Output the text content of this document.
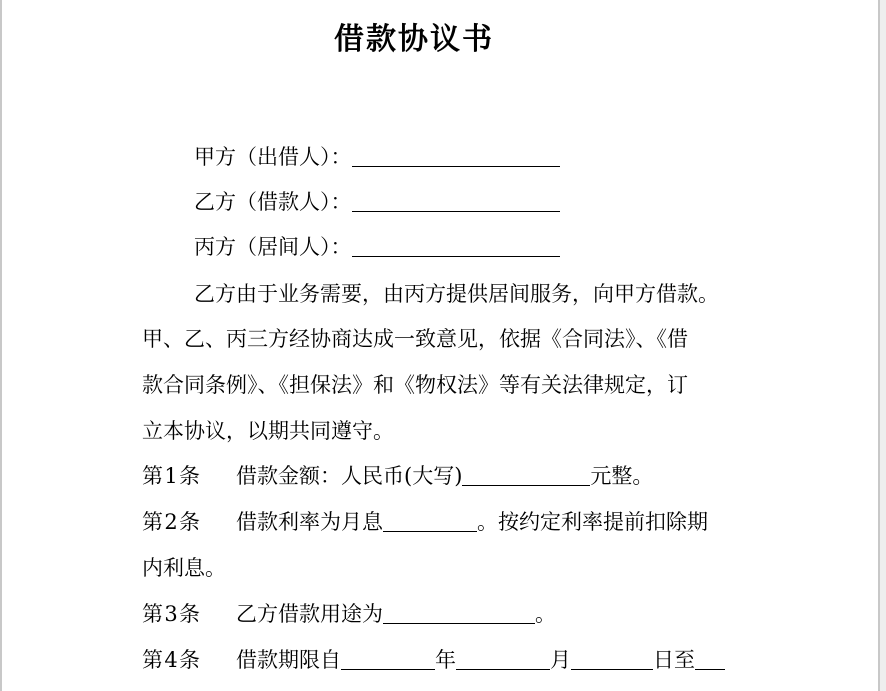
借款协议书
甲方（出借人）：
乙方（借款人）：
丙方（居间人）：
乙方由于业务需要，由丙方提供居间服务，向甲方借款。
甲、乙、丙三方经协商达成一致意见，依据《合同法》、《借
款合同条例》、《担保法》和《物权法》等有关法律规定，订
立本协议，以期共同遵守。
第1条 借款金额：人民币(大写)	元整。
第2条 借款利率为月息	。按约定利率提前扣除期
内利息。
第3条 乙方借款用途为	。
第4条 借款期限自	年	月	日至
